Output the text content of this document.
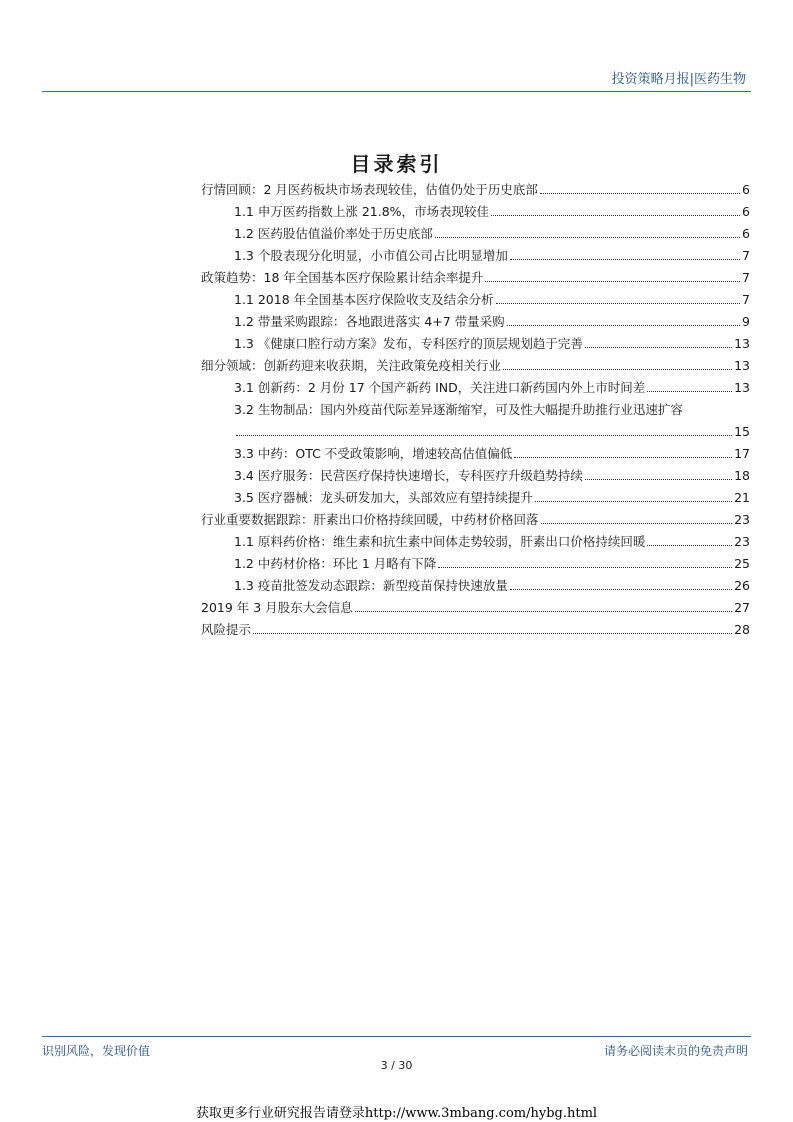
投资策略月报|医药生物
目录索引
行情回顾：2 月医药板块市场表现较佳，估值仍处于历史底部	6
1.1 申万医药指数上涨 21.8%，市场表现较佳	6
1.2 医药股估值溢价率处于历史底部	6
1.3 个股表现分化明显，小市值公司占比明显增加	7
政策趋势：18 年全国基本医疗保险累计结余率提升	7
1.1 2018 年全国基本医疗保险收支及结余分析	7
1.2 带量采购跟踪：各地跟进落实 4+7 带量采购	9
1.3 《健康口腔行动方案》发布，专科医疗的顶层规划趋于完善	13
细分领域：创新药迎来收获期，关注政策免疫相关行业	13
3.1 创新药：2 月份 17 个国产新药 IND，关注进口新药国内外上市时间差	13
3.2 生物制品：国内外疫苗代际差异逐渐缩窄，可及性大幅提升助推行业迅速扩容
15
3.3 中药：OTC 不受政策影响，增速较高估值偏低	17
3.4 医疗服务：民营医疗保持快速增长，专科医疗升级趋势持续	18
3.5 医疗器械：龙头研发加大，头部效应有望持续提升	21
行业重要数据跟踪：肝素出口价格持续回暖，中药材价格回落	23
1.1 原料药价格：维生素和抗生素中间体走势较弱，肝素出口价格持续回暖	23
1.2 中药材价格：环比 1 月略有下降	25
1.3 疫苗批签发动态跟踪：新型疫苗保持快速放量	26
2019 年 3 月股东大会信息	27
风险提示	28
识别风险，发现价值	请务必阅读末页的免责声明
3 / 30
获取更多行业研究报告请登录http://www.3mbang.com/hybg.html
